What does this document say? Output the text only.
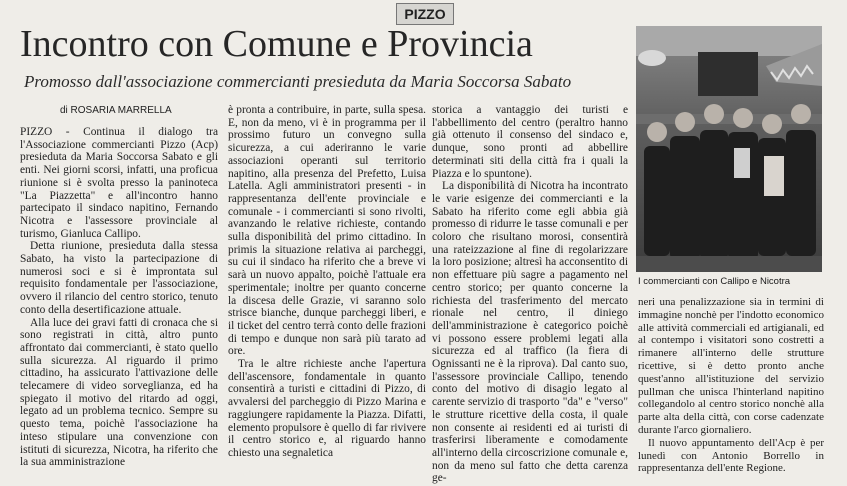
PIZZO
Incontro con Comune e Provincia
Promosso dall'associazione commercianti presieduta da Maria Soccorsa Sabato
di ROSARIA MARRELLA

PIZZO - Continua il dialogo tra l'Associazione commercianti Pizzo (Acp) presieduta da Maria Soccorsa Sabato e gli enti. Nei giorni scorsi, infatti, una proficua riunione si è svolta presso la paninoteca "La Piazzetta" e all'incontro hanno partecipato il sindaco napitino, Fernando Nicotra e l'assessore provinciale al turismo, Gianluca Callipo.

Detta riunione, presieduta dalla stessa Sabato, ha visto la partecipazione di numerosi soci e si è improntata sul requisito fondamentale per l'associazione, ovvero il rilancio del centro storico, tenuto conto della desertificazione attuale.

Alla luce dei gravi fatti di cronaca che si sono registrati in città, altro punto affrontato dai commercianti, è stato quello sulla sicurezza. Al riguardo il primo cittadino, ha assicurato l'attivazione delle telecamere di video sorveglianza, ed ha spiegato il motivo del ritardo ad oggi, legato ad un problema tecnico. Sempre su questo tema, poichè l'associazione ha inteso stipulare una convenzione con istituti di sicurezza, Nicotra, ha riferito che la sua amministrazione

è pronta a contribuire, in parte, sulla spesa. E, non da meno, vi è in programma per il prossimo futuro un convegno sulla sicurezza, a cui aderiranno le varie associazioni operanti sul territorio napitino, alla presenza del Prefetto, Luisa Latella. Agli amministratori presenti - in rappresentanza dell'ente provinciale e comunale - i commercianti si sono rivolti, avanzando le relative richieste, contando sulla disponibilità del primo cittadino. In primis la situazione relativa ai parcheggi, su cui il sindaco ha riferito che a breve vi sarà un nuovo appalto, poichè l'attuale era sperimentale; inoltre per quanto concerne la discesa delle Grazie, vi saranno solo strisce bianche, dunque parcheggi liberi, e il ticket del centro terrà conto delle frazioni di tempo e dunque non sarà più tarato ad ore.

Tra le altre richieste anche l'apertura dell'ascensore, fondamentale in quanto consentirà a turisti e cittadini di Pizzo, di avvalersi del parcheggio di Pizzo Marina e raggiungere rapidamente la Piazza. Difatti, elemento propulsore è quello di far rivivere il centro storico e, al riguardo hanno chiesto una segnaletica

storica a vantaggio dei turisti e l'abbellimento del centro (peraltro hanno già ottenuto il consenso del sindaco e, dunque, sono pronti ad abbellire determinati siti della città fra i quali la Piazza e lo spuntone).

La disponibilità di Nicotra ha incontrato le varie esigenze dei commercianti e la Sabato ha riferito come egli abbia già promesso di ridurre le tasse comunali e per coloro che risultano morosi, consentirà una rateizzazione al fine di regolarizzare la loro posizione; altresì ha acconsentito di non effettuare più sagre a pagamento nel centro storico; per quanto concerne la richiesta del trasferimento del mercato rionale nel centro, il diniego dell'amministrazione è categorico poichè vi possono essere problemi legati alla sicurezza ed al traffico (la fiera di Ognissanti ne è la riprova). Dal canto suo, l'assessore provinciale Callipo, tenendo conto del motivo di disagio legato al carente servizio di trasporto "da" e "verso" le strutture ricettive della costa, il quale non consente ai residenti ed ai turisti di trasferirsi liberamente e comodamente all'interno della circoscrizione comunale e, non da meno sul fatto che detta carenza ge-

I commercianti con Callipo e Nicotra

neri una penalizzazione sia in termini di immagine nonchè per l'indotto economico alle attività commerciali ed artigianali, ed al contempo i visitatori sono costretti a rimanere all'interno delle strutture ricettive, si è detto pronto anche quest'anno all'istituzione del servizio pullman che unisca l'hinterland napitino collegandolo al centro storico nonchè alla parte alta della città, con corse cadenzate durante l'arco giornaliero.

Il nuovo appuntamento dell'Acp è per lunedì con Antonio Borrello in rappresentanza dell'ente Regione.
